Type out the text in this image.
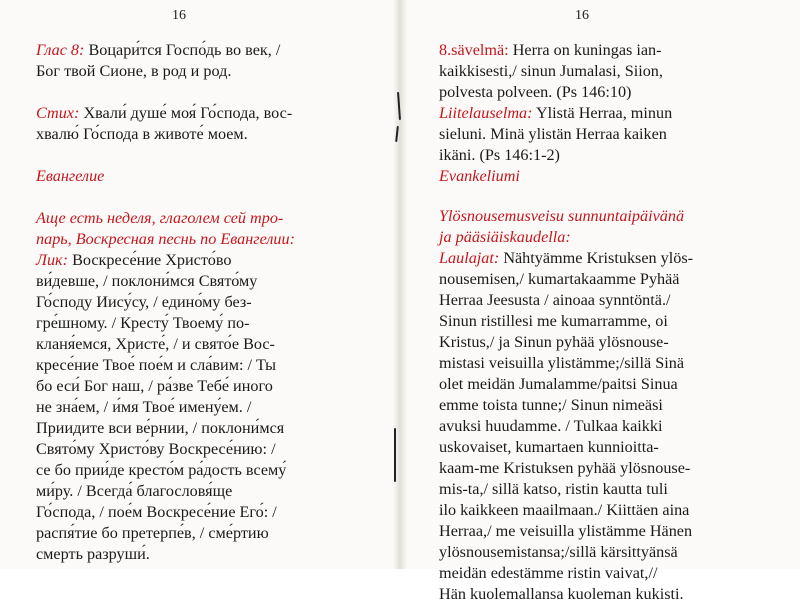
16

Глас 8: Воцари́тся Госпо́дь во век, /
Бог твой Сионе, в род и род.

Стих: Хвали́ душе́ моя́ Го́спода, вос-
хвалю́ Го́спода в животе́ моем.

Евангелие

Аще есть неделя, глаголем сей тро-
парь, Воскресная песнь по Евангелии:

Лик: Воскресе́ние Христо́во
ви́девше, / поклони́мся Свято́му
Го́споду Иису́су, / едино́му без-
гре́шному. / Кресту́ Твоему́ по-
кланя́емся, Христе́, / и свято́е Вос-
кресе́ние Твое́ пое́м и сла́вим: / Ты
бо еси́ Бог наш, / ра́зве Тебе́ иного
не зна́ем, / и́мя Твое́ имену́ем. /
Приидите вси ве́рнии, / поклони́мся
Свято́му Христо́ву Воскресе́нию: /
се бо прии́де кресто́м ра́дость всему́
ми́ру. / Всегда́ благословя́ще
Го́спода, / пое́м Воскресе́ние Его́: /
распя́тие бо претерпе́в, / сме́ртию
смерть разруши́.

16

8.sävelmä: Herra on kuningas ian-
kaikkisesti,/ sinun Jumalasi, Siion,
polvesta polveen. (Ps 146:10)

Liitelauselma: Ylistä Herraa, minun
sieluni. Minä ylistän Herraa kaiken
ikäni. (Ps 146:1-2)

Evankeliumi

Ylösnousemusveisu sunnuntaipäivänä
ja pääsiäiskaudella:

Laulajat: Nähtyämme Kristuksen ylös-
nousemisen,/ kumartakaamme Pyhää
Herraa Jeesusta / ainoaa synntöntä./
Sinun ristillesi me kumarramme, oi
Kristus,/ ja Sinun pyhää ylösnouse-
mistasi veisuilla ylistämme;/sillä Sinä
olet meidän Jumalamme/paitsi Sinua
emme toista tunne;/ Sinun nimeäsi
avuksi huudamme. / Tulkaa kaikki
uskovaiset, kumartaen kunnioitta-
kaam-me Kristuksen pyhää ylösnouse-
mis-ta,/ sillä katso, ristin kautta tuli
ilo kaikkeen maailmaan./ Kiittäen aina
Herraa,/ me veisuilla ylistämme Hänen
ylösnousemistansa;/sillä kärsittyänsä
meidän edestämme ristin vaivat,//
Hän kuolemallansa kuoleman kukisti.
